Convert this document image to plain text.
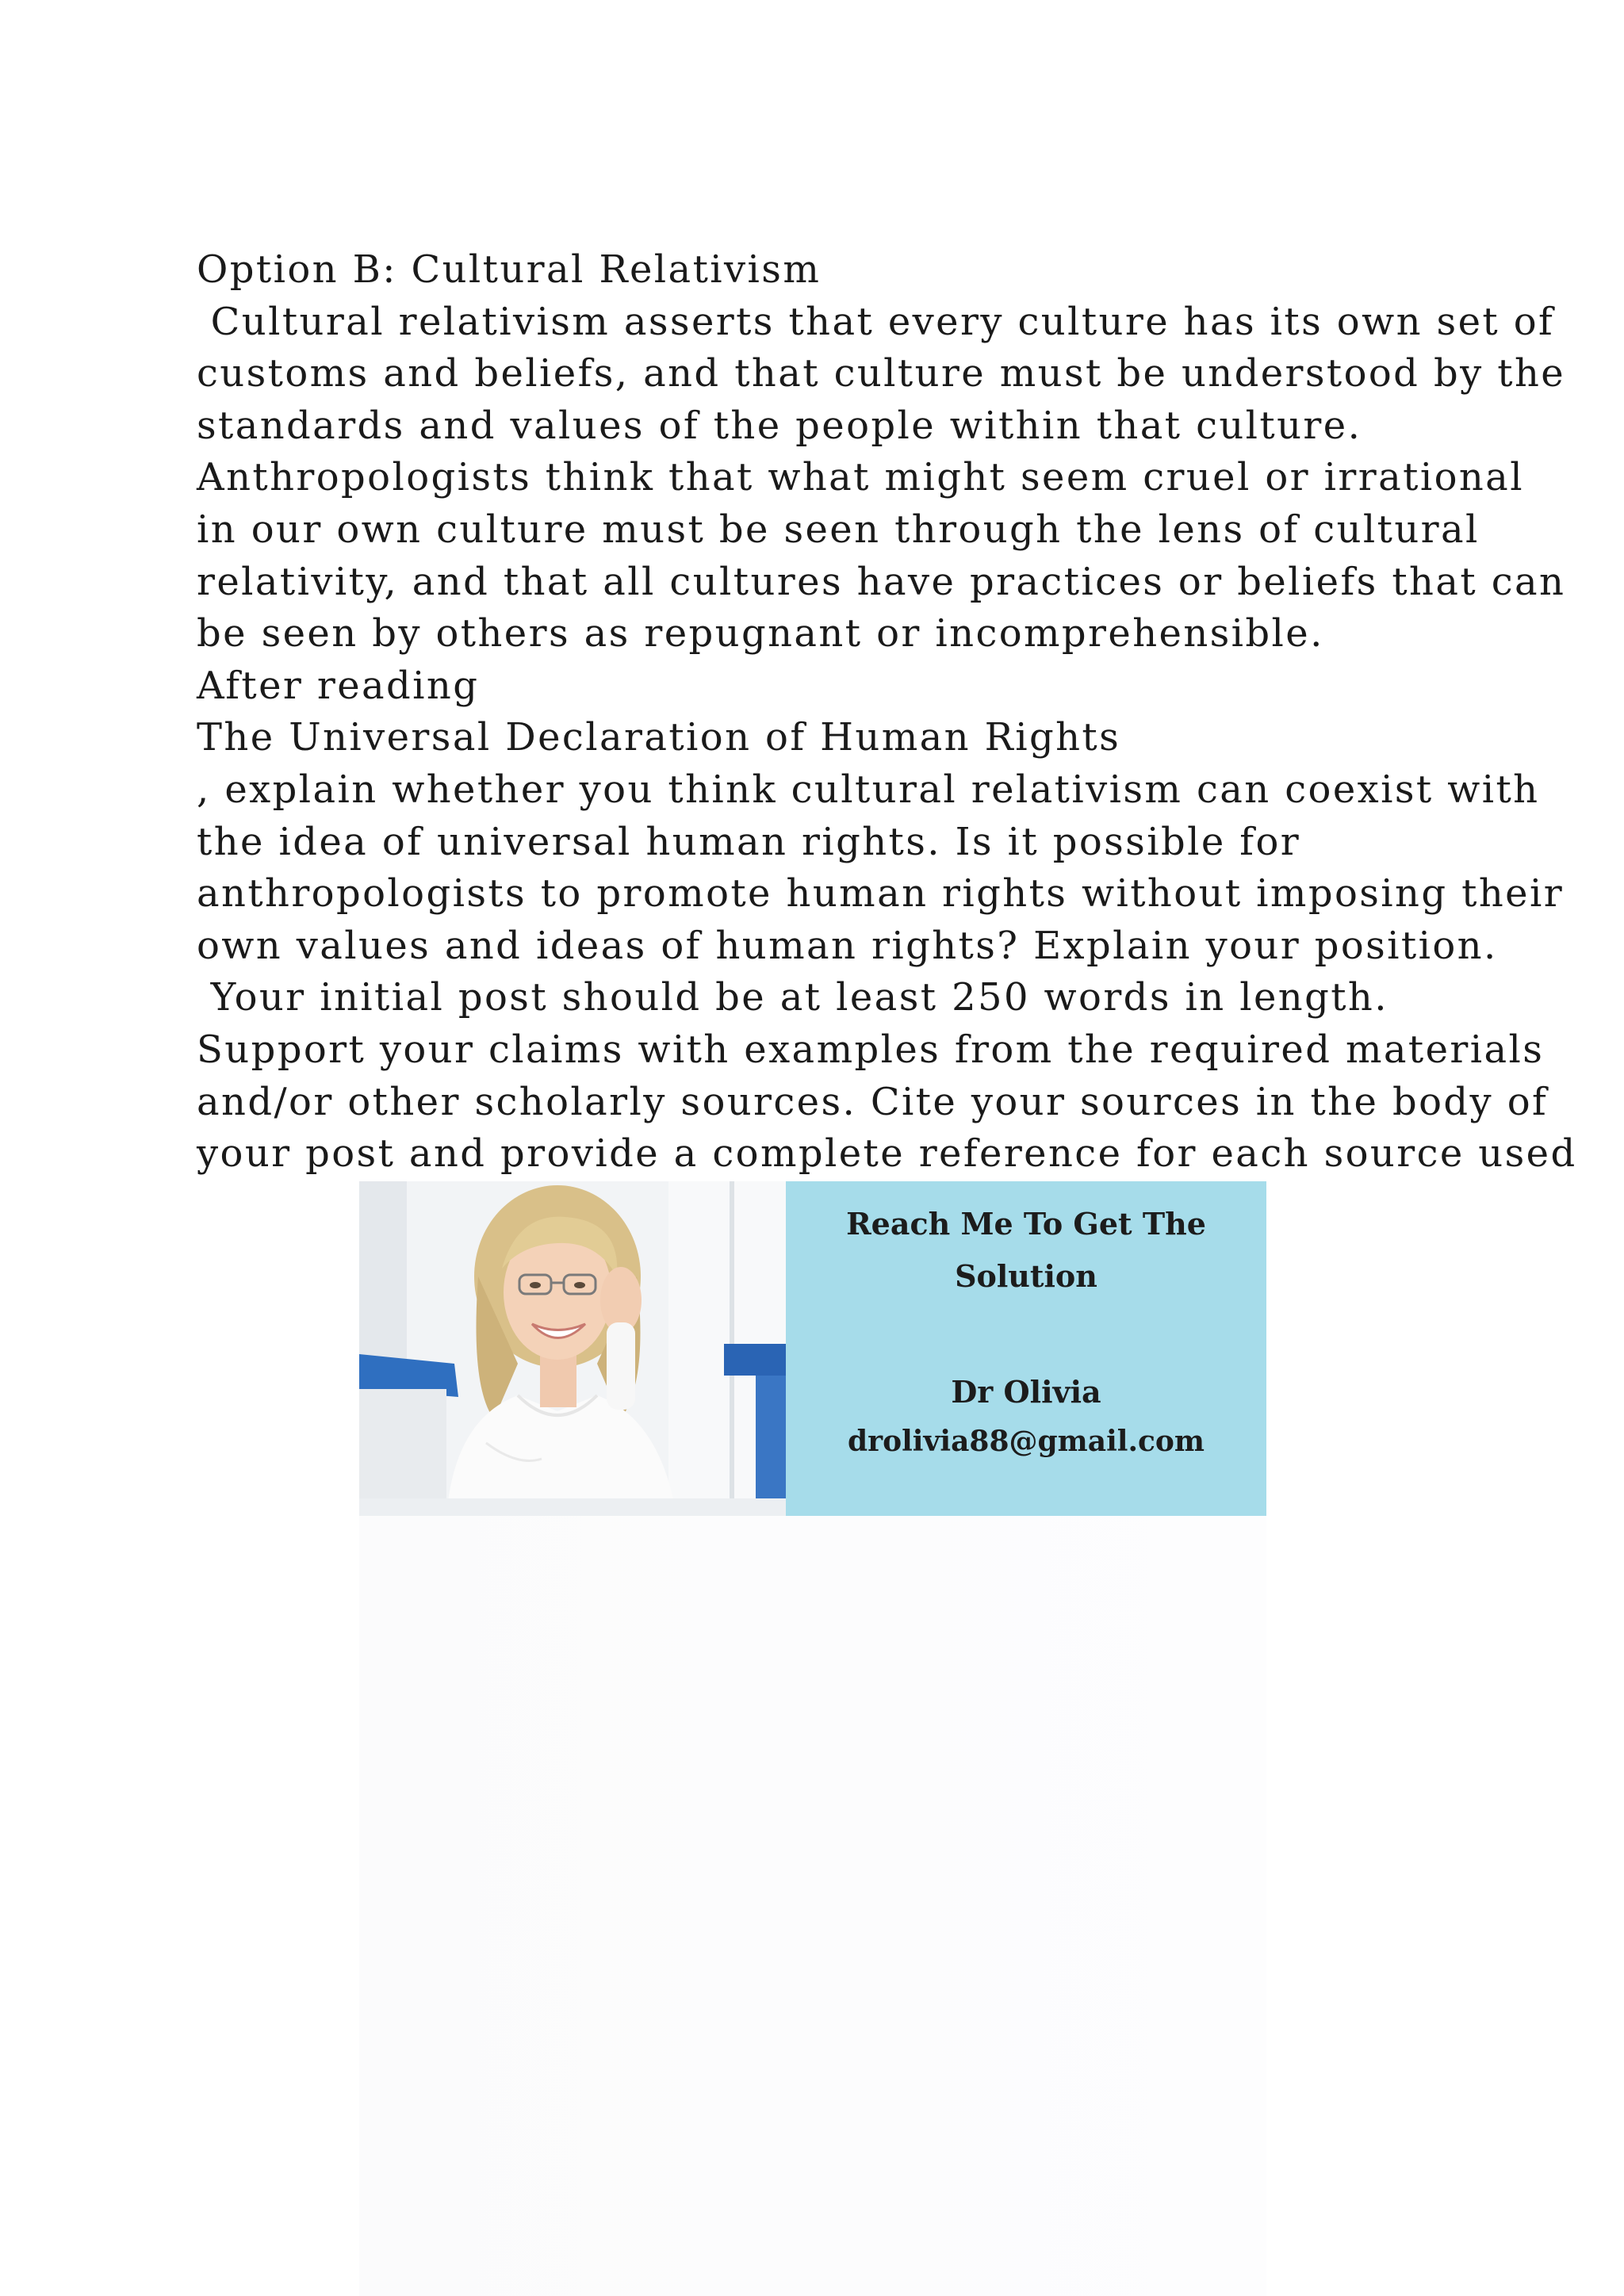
Option B: Cultural Relativism
Cultural relativism asserts that every culture has its own set of
customs and beliefs, and that culture must be understood by the
standards and values of the people within that culture.
Anthropologists think that what might seem cruel or irrational
in our own culture must be seen through the lens of cultural
relativity, and that all cultures have practices or beliefs that can
be seen by others as repugnant or incomprehensible.
After reading
The Universal Declaration of Human Rights
, explain whether you think cultural relativism can coexist with
the idea of universal human rights. Is it possible for
anthropologists to promote human rights without imposing their
own values and ideas of human rights? Explain your position.
Your initial post should be at least 250 words in length.
Support your claims with examples from the required materials
and/or other scholarly sources. Cite your sources in the body of
your post and provide a complete reference for each source used
Reach Me To Get The
Solution
Dr Olivia
drolivia88@gmail.com
